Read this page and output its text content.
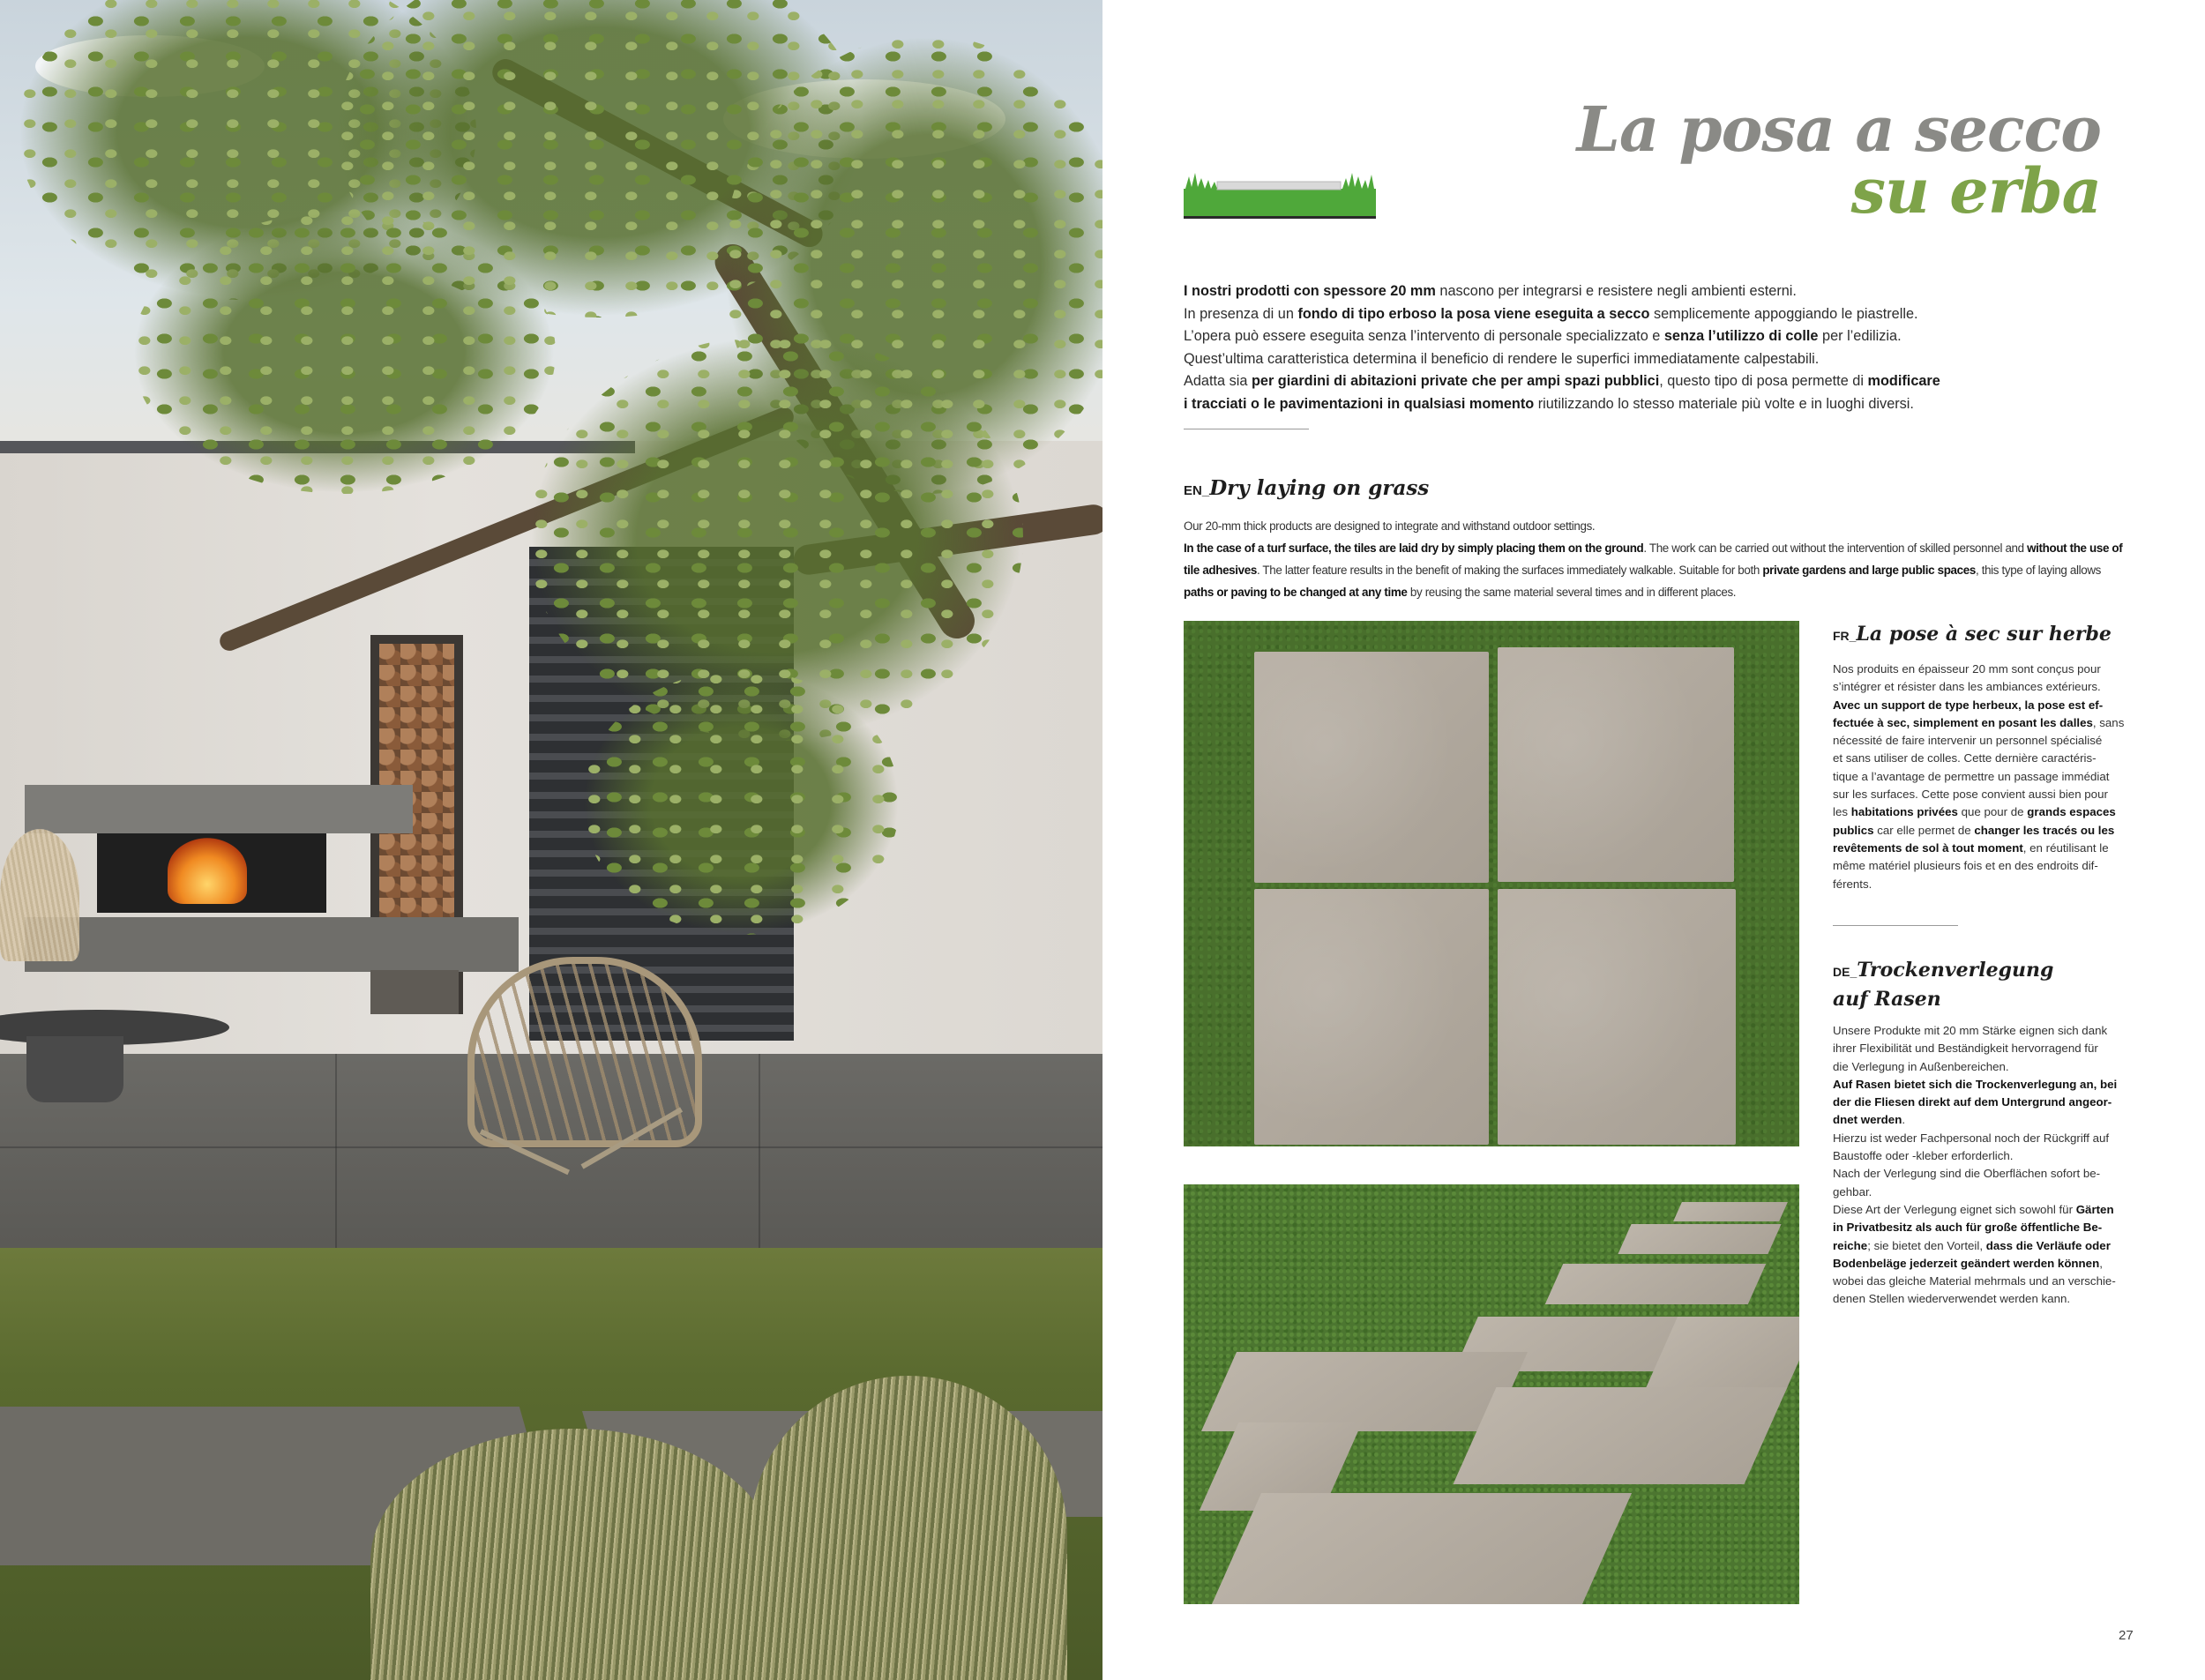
La posa a secco
su erba

I nostri prodotti con spessore 20 mm nascono per integrarsi e resistere negli ambienti esterni.

In presenza di un fondo di tipo erboso la posa viene eseguita a secco semplicemente appoggiando le piastrelle.

L’opera può essere eseguita senza l’intervento di personale specializzato e senza l’utilizzo di colle per l’edilizia.

Quest’ultima caratteristica determina il beneficio di rendere le superfici immediatamente calpestabili.

Adatta sia per giardini di abitazioni private che per ampi spazi pubblici, questo tipo di posa permette di modificare

i tracciati o le pavimentazioni in qualsiasi momento riutilizzando lo stesso materiale più volte e in luoghi diversi.

EN_Dry laying on grass

Our 20-mm thick products are designed to integrate and withstand outdoor settings.

In the case of a turf surface, the tiles are laid dry by simply placing them on the ground. The work can be carried out without the intervention of skilled personnel and without the use of

tile adhesives. The latter feature results in the benefit of making the surfaces immediately walkable. Suitable for both private gardens and large public spaces, this type of laying allows

paths or paving to be changed at any time by reusing the same material several times and in different places.

FR_La pose à sec sur herbe

Nos produits en épaisseur 20 mm sont conçus pour

s’intégrer et résister dans les ambiances extérieurs.

Avec un support de type herbeux, la pose est ef-

fectuée à sec, simplement en posant les dalles, sans

nécessité de faire intervenir un personnel spécialisé

et sans utiliser de colles. Cette dernière caractéris-

tique a l’avantage de permettre un passage immédiat

sur les surfaces. Cette pose convient aussi bien pour

les habitations privées que pour de grands espaces

publics car elle permet de changer les tracés ou les

revêtements de sol à tout moment, en réutilisant le

même matériel plusieurs fois et en des endroits dif-

férents.

DE_Trockenverlegung
auf Rasen

Unsere Produkte mit 20 mm Stärke eignen sich dank

ihrer Flexibilität und Beständigkeit hervorragend für

die Verlegung in Außenbereichen.

Auf Rasen bietet sich die Trockenverlegung an, bei

der die Fliesen direkt auf dem Untergrund angeor-

dnet werden.

Hierzu ist weder Fachpersonal noch der Rückgriff auf

Baustoffe oder -kleber erforderlich.

Nach der Verlegung sind die Oberflächen sofort be-

gehbar.

Diese Art der Verlegung eignet sich sowohl für Gärten

in Privatbesitz als auch für große öffentliche Be-

reiche; sie bietet den Vorteil, dass die Verläufe oder

Bodenbeläge jederzeit geändert werden können,

wobei das gleiche Material mehrmals und an verschie-

denen Stellen wiederverwendet werden kann.

27
